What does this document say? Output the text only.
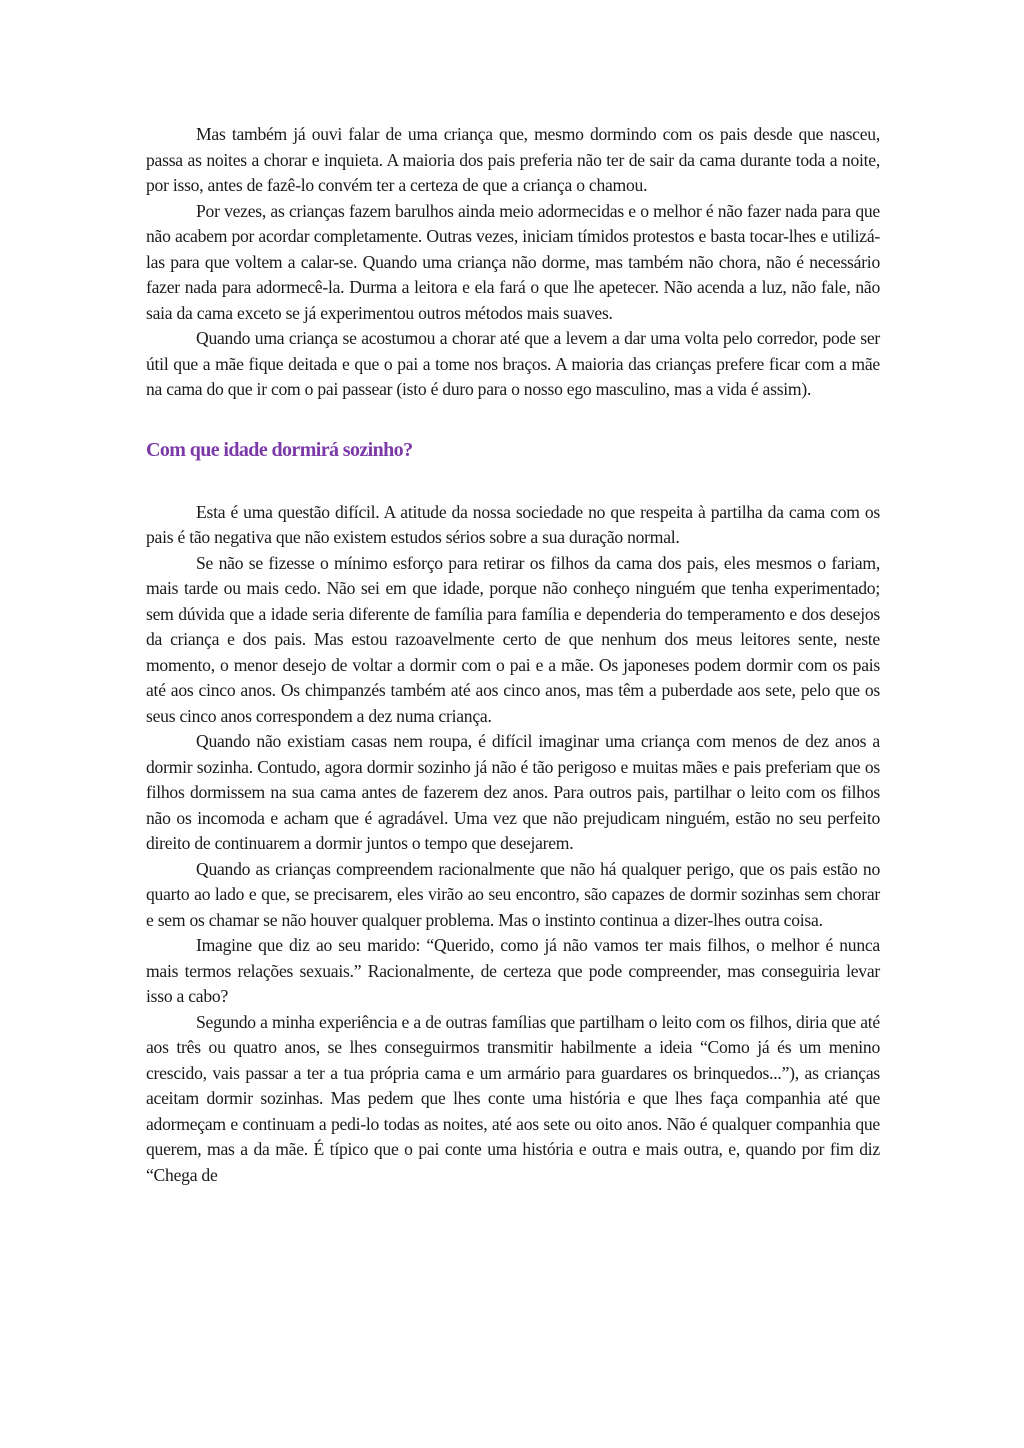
Mas também já ouvi falar de uma criança que, mesmo dormindo com os pais desde que nasceu, passa as noites a chorar e inquieta. A maioria dos pais preferia não ter de sair da cama durante toda a noite, por isso, antes de fazê-lo convém ter a certeza de que a criança o chamou.

Por vezes, as crianças fazem barulhos ainda meio adormecidas e o melhor é não fazer nada para que não acabem por acordar completamente. Outras vezes, iniciam tímidos protestos e basta tocar-lhes e utilizá-las para que voltem a calar-se. Quando uma criança não dorme, mas também não chora, não é necessário fazer nada para adormecê-la. Durma a leitora e ela fará o que lhe apetecer. Não acenda a luz, não fale, não saia da cama exceto se já experimentou outros métodos mais suaves.

Quando uma criança se acostumou a chorar até que a levem a dar uma volta pelo corredor, pode ser útil que a mãe fique deitada e que o pai a tome nos braços. A maioria das crianças prefere ficar com a mãe na cama do que ir com o pai passear (isto é duro para o nosso ego masculino, mas a vida é assim).

Com que idade dormirá sozinho?

Esta é uma questão difícil. A atitude da nossa sociedade no que respeita à partilha da cama com os pais é tão negativa que não existem estudos sérios sobre a sua duração normal.

Se não se fizesse o mínimo esforço para retirar os filhos da cama dos pais, eles mesmos o fariam, mais tarde ou mais cedo. Não sei em que idade, porque não conheço ninguém que tenha experimentado; sem dúvida que a idade seria diferente de família para família e dependeria do temperamento e dos desejos da criança e dos pais. Mas estou razoavelmente certo de que nenhum dos meus leitores sente, neste momento, o menor desejo de voltar a dormir com o pai e a mãe. Os japoneses podem dormir com os pais até aos cinco anos. Os chimpanzés também até aos cinco anos, mas têm a puberdade aos sete, pelo que os seus cinco anos correspondem a dez numa criança.

Quando não existiam casas nem roupa, é difícil imaginar uma criança com menos de dez anos a dormir sozinha. Contudo, agora dormir sozinho já não é tão perigoso e muitas mães e pais preferiam que os filhos dormissem na sua cama antes de fazerem dez anos. Para outros pais, partilhar o leito com os filhos não os incomoda e acham que é agradável. Uma vez que não prejudicam ninguém, estão no seu perfeito direito de continuarem a dormir juntos o tempo que desejarem.

Quando as crianças compreendem racionalmente que não há qualquer perigo, que os pais estão no quarto ao lado e que, se precisarem, eles virão ao seu encontro, são capazes de dormir sozinhas sem chorar e sem os chamar se não houver qualquer problema. Mas o instinto continua a dizer-lhes outra coisa.

Imagine que diz ao seu marido: “Querido, como já não vamos ter mais filhos, o melhor é nunca mais termos relações sexuais.” Racionalmente, de certeza que pode compreender, mas conseguiria levar isso a cabo?

Segundo a minha experiência e a de outras famílias que partilham o leito com os filhos, diria que até aos três ou quatro anos, se lhes conseguirmos transmitir habilmente a ideia “Como já és um menino crescido, vais passar a ter a tua própria cama e um armário para guardares os brinquedos...”), as crianças aceitam dormir sozinhas. Mas pedem que lhes conte uma história e que lhes faça companhia até que adormeçam e continuam a pedi-lo todas as noites, até aos sete ou oito anos. Não é qualquer companhia que querem, mas a da mãe. É típico que o pai conte uma história e outra e mais outra, e, quando por fim diz “Chega de
